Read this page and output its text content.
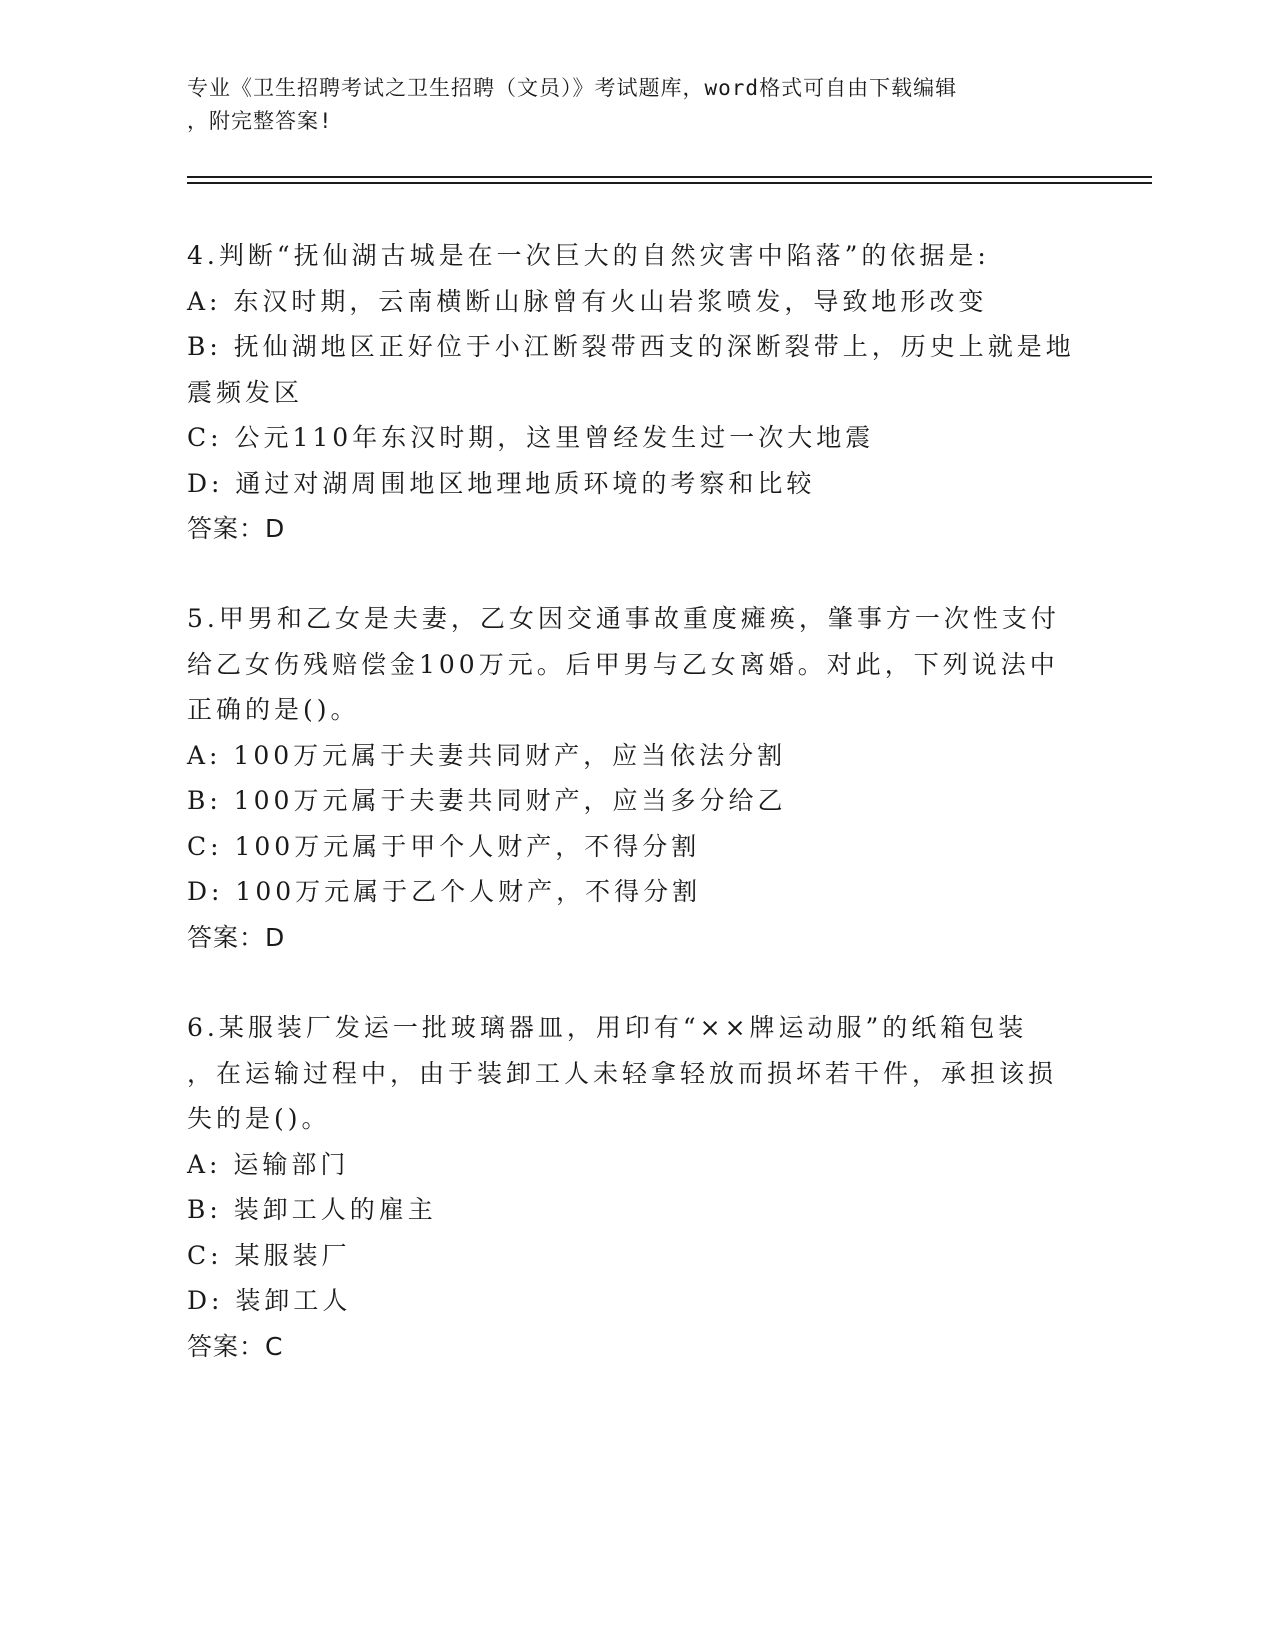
专业《卫生招聘考试之卫生招聘（文员）》考试题库，word格式可自由下载编辑
，附完整答案!
4.判断“抚仙湖古城是在一次巨大的自然灾害中陷落”的依据是:
A: 东汉时期，云南横断山脉曾有火山岩浆喷发，导致地形改变
B: 抚仙湖地区正好位于小江断裂带西支的深断裂带上，历史上就是地
震频发区
C: 公元110年东汉时期，这里曾经发生过一次大地震
D: 通过对湖周围地区地理地质环境的考察和比较
答案：D
5.甲男和乙女是夫妻，乙女因交通事故重度瘫痪，肇事方一次性支付
给乙女伤残赔偿金100万元。后甲男与乙女离婚。对此，下列说法中
正确的是()。
A: 100万元属于夫妻共同财产，应当依法分割
B: 100万元属于夫妻共同财产，应当多分给乙
C: 100万元属于甲个人财产，不得分割
D: 100万元属于乙个人财产，不得分割
答案：D
6.某服装厂发运一批玻璃器皿，用印有“××牌运动服”的纸箱包装
，在运输过程中，由于装卸工人未轻拿轻放而损坏若干件，承担该损
失的是()。
A: 运输部门
B: 装卸工人的雇主
C: 某服装厂
D: 装卸工人
答案：C
